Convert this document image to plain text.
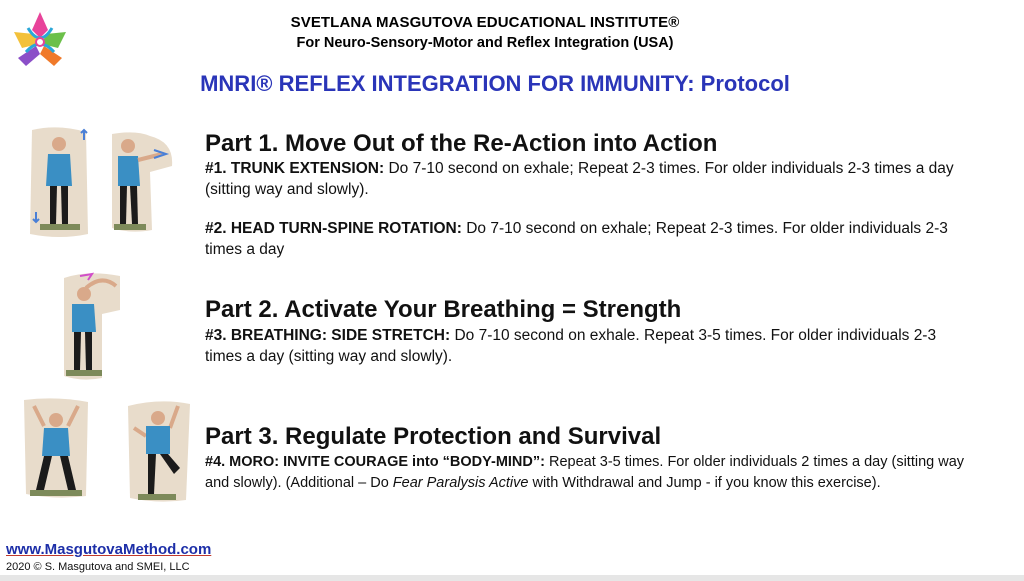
SVETLANA MASGUTOVA EDUCATIONAL INSTITUTE®
For Neuro-Sensory-Motor and Reflex Integration (USA)
MNRI® REFLEX INTEGRATION FOR IMMUNITY: Protocol
Part 1. Move Out of the Re-Action into Action
#1. TRUNK EXTENSION: Do 7-10 second on exhale; Repeat 2-3 times. For older individuals 2-3 times a day (sitting way and slowly).
#2. HEAD TURN-SPINE ROTATION: Do 7-10 second on exhale; Repeat 2-3 times. For older individuals 2-3 times a day
Part 2. Activate Your Breathing = Strength
#3. BREATHING: SIDE STRETCH: Do 7-10 second on exhale. Repeat 3-5 times. For older individuals 2-3 times a day (sitting way and slowly).
Part 3. Regulate Protection and Survival
#4. MORO: INVITE COURAGE into “BODY-MIND”: Repeat 3-5 times. For older individuals 2 times a day (sitting way and slowly). (Additional – Do Fear Paralysis Active with Withdrawal and Jump - if you know this exercise).
www.MasgutovaMethod.com
2020 © S. Masgutova and SMEI, LLC
